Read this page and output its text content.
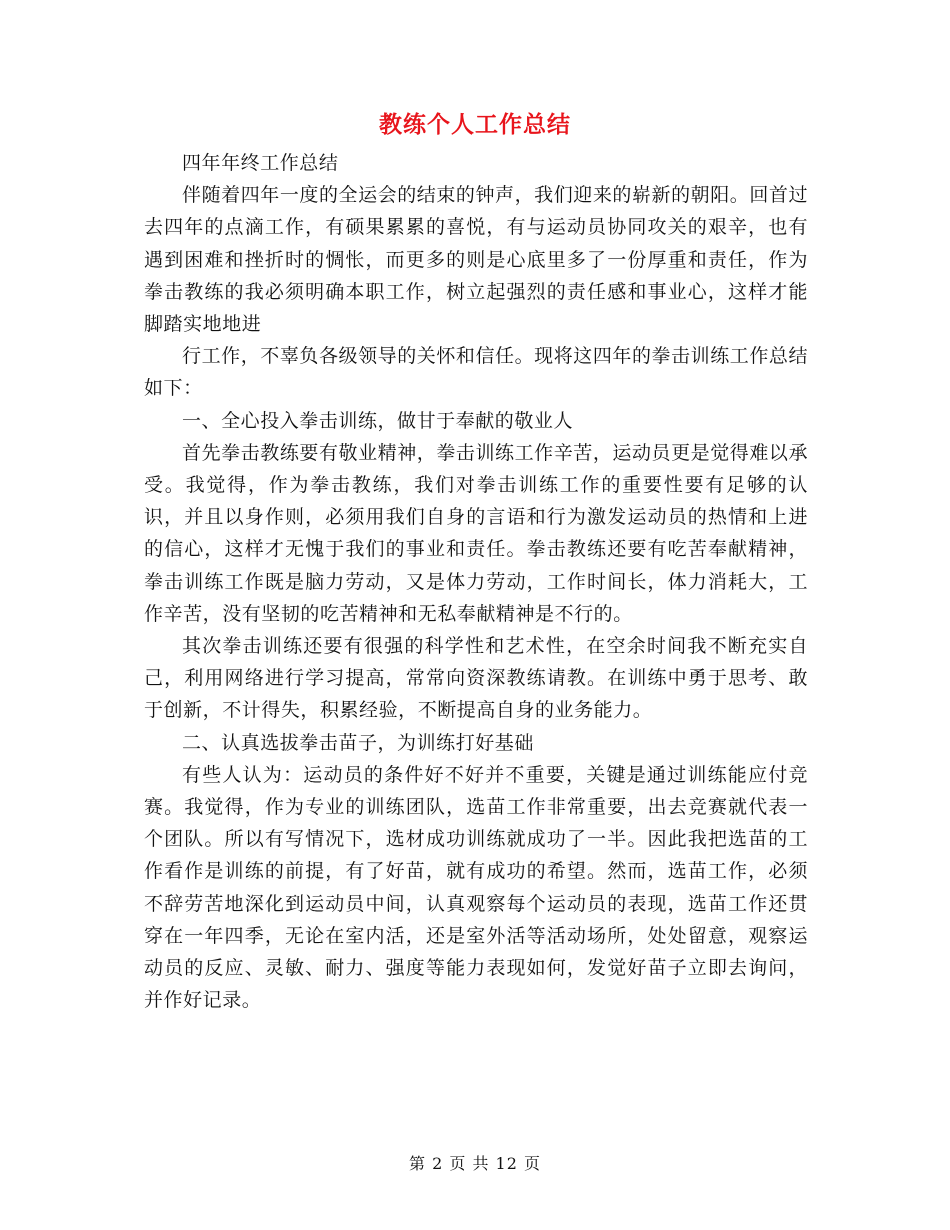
教练个人工作总结

四年年终工作总结

伴随着四年一度的全运会的结束的钟声，我们迎来的崭新的朝阳。回首过去四年的点滴工作，有硕果累累的喜悦，有与运动员协同攻关的艰辛，也有遇到困难和挫折时的惆怅，而更多的则是心底里多了一份厚重和责任，作为拳击教练的我必须明确本职工作，树立起强烈的责任感和事业心，这样才能脚踏实地地进

行工作，不辜负各级领导的关怀和信任。现将这四年的拳击训练工作总结如下：

一、全心投入拳击训练，做甘于奉献的敬业人

首先拳击教练要有敬业精神，拳击训练工作辛苦，运动员更是觉得难以承受。我觉得，作为拳击教练，我们对拳击训练工作的重要性要有足够的认识，并且以身作则，必须用我们自身的言语和行为激发运动员的热情和上进的信心，这样才无愧于我们的事业和责任。拳击教练还要有吃苦奉献精神，拳击训练工作既是脑力劳动，又是体力劳动，工作时间长，体力消耗大，工作辛苦，没有坚韧的吃苦精神和无私奉献精神是不行的。

其次拳击训练还要有很强的科学性和艺术性，在空余时间我不断充实自己，利用网络进行学习提高，常常向资深教练请教。在训练中勇于思考、敢于创新，不计得失，积累经验，不断提高自身的业务能力。

二、认真选拔拳击苗子，为训练打好基础

有些人认为：运动员的条件好不好并不重要，关键是通过训练能应付竞赛。我觉得，作为专业的训练团队，选苗工作非常重要，出去竞赛就代表一个团队。所以有写情况下，选材成功训练就成功了一半。因此我把选苗的工作看作是训练的前提，有了好苗，就有成功的希望。然而，选苗工作，必须不辞劳苦地深化到运动员中间，认真观察每个运动员的表现，选苗工作还贯穿在一年四季，无论在室内活，还是室外活等活动场所，处处留意，观察运动员的反应、灵敏、耐力、强度等能力表现如何，发觉好苗子立即去询问，并作好记录。

第 2 页 共 12 页
